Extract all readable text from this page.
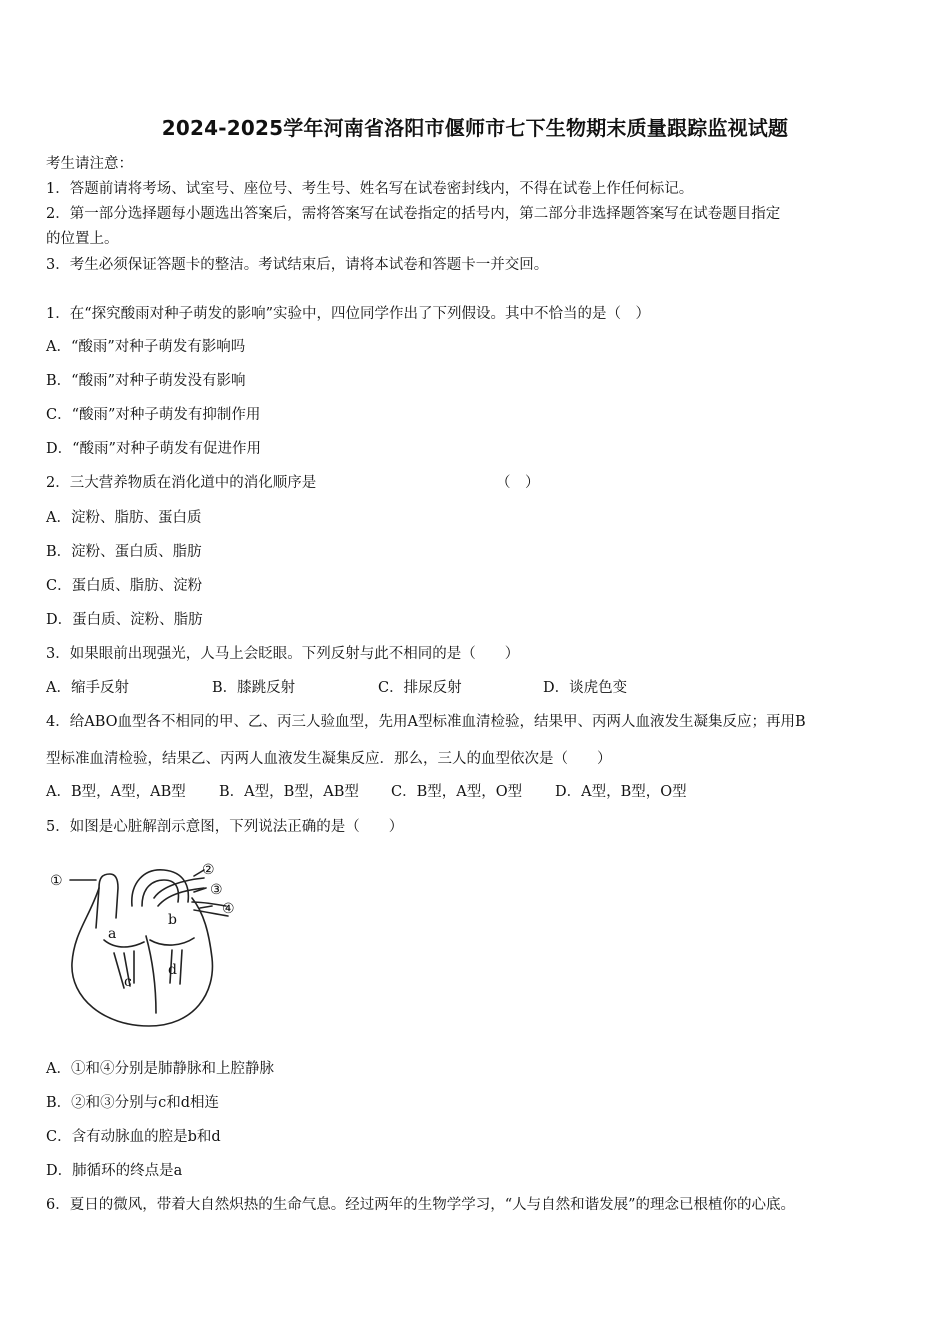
2024-2025学年河南省洛阳市偃师市七下生物期末质量跟踪监视试题
考生请注意：
1．答题前请将考场、试室号、座位号、考生号、姓名写在试卷密封线内，不得在试卷上作任何标记。
2．第一部分选择题每小题选出答案后，需将答案写在试卷指定的括号内，第二部分非选择题答案写在试卷题目指定
的位置上。
3．考生必须保证答题卡的整洁。考试结束后，请将本试卷和答题卡一并交回。
1．在“探究酸雨对种子萌发的影响”实验中，四位同学作出了下列假设。其中不恰当的是（　）
A．“酸雨”对种子萌发有影响吗
B．“酸雨”对种子萌发没有影响
C．“酸雨”对种子萌发有抑制作用
D．“酸雨”对种子萌发有促进作用
2．三大营养物质在消化道中的消化顺序是	（　）
A．淀粉、脂肪、蛋白质
B．淀粉、蛋白质、脂肪
C．蛋白质、脂肪、淀粉
D．蛋白质、淀粉、脂肪
3．如果眼前出现强光，人马上会眨眼。下列反射与此不相同的是（　　）
A．缩手反射	B．膝跳反射	C．排尿反射	D．谈虎色变
4．给ABO血型各不相同的甲、乙、丙三人验血型，先用A型标准血清检验，结果甲、丙两人血液发生凝集反应；再用B
型标准血清检验，结果乙、丙两人血液发生凝集反应．那么，三人的血型依次是（　　）
A．B型，A型，AB型 B．A型，B型，AB型 C．B型，A型，O型 D．A型，B型，O型
5．如图是心脏解剖示意图，下列说法正确的是（　　）
①
②
③
④
a
b
c
d
A．①和④分别是肺静脉和上腔静脉
B．②和③分别与c和d相连
C．含有动脉血的腔是b和d
D．肺循环的终点是a
6．夏日的微风，带着大自然炽热的生命气息。经过两年的生物学学习，“人与自然和谐发展”的理念已根植你的心底。
